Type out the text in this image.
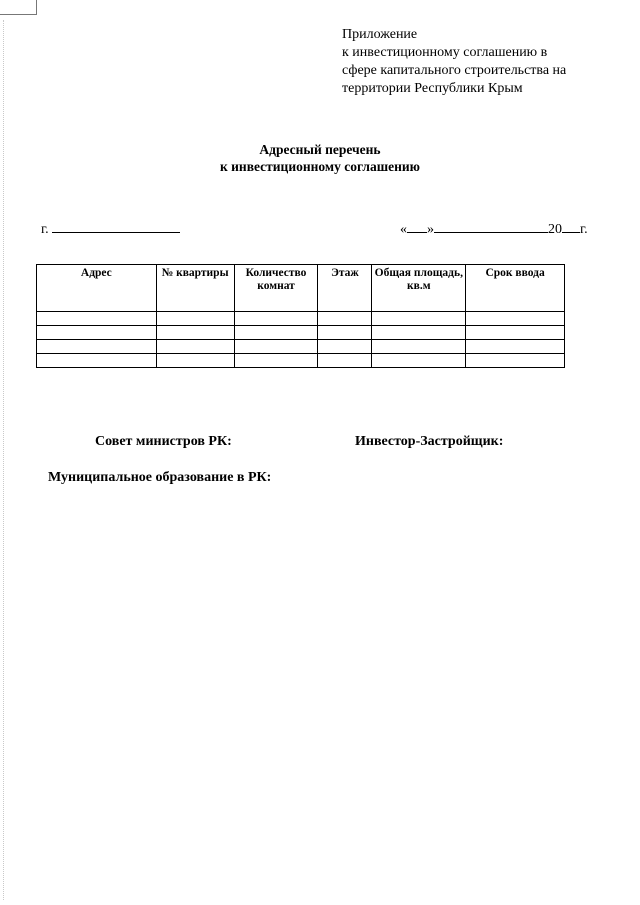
Приложение
к инвестиционному соглашению в
сфере капитального строительства на
территории Республики Крым
Адресный перечень
к инвестиционному соглашению
г.	« »	20 г.
Адрес	№ квартиры	Количество комнат	Этаж	Общая площадь, кв.м	Срок ввода

Совет министров РК:	Инвестор-Застройщик:
Муниципальное образование в РК:
